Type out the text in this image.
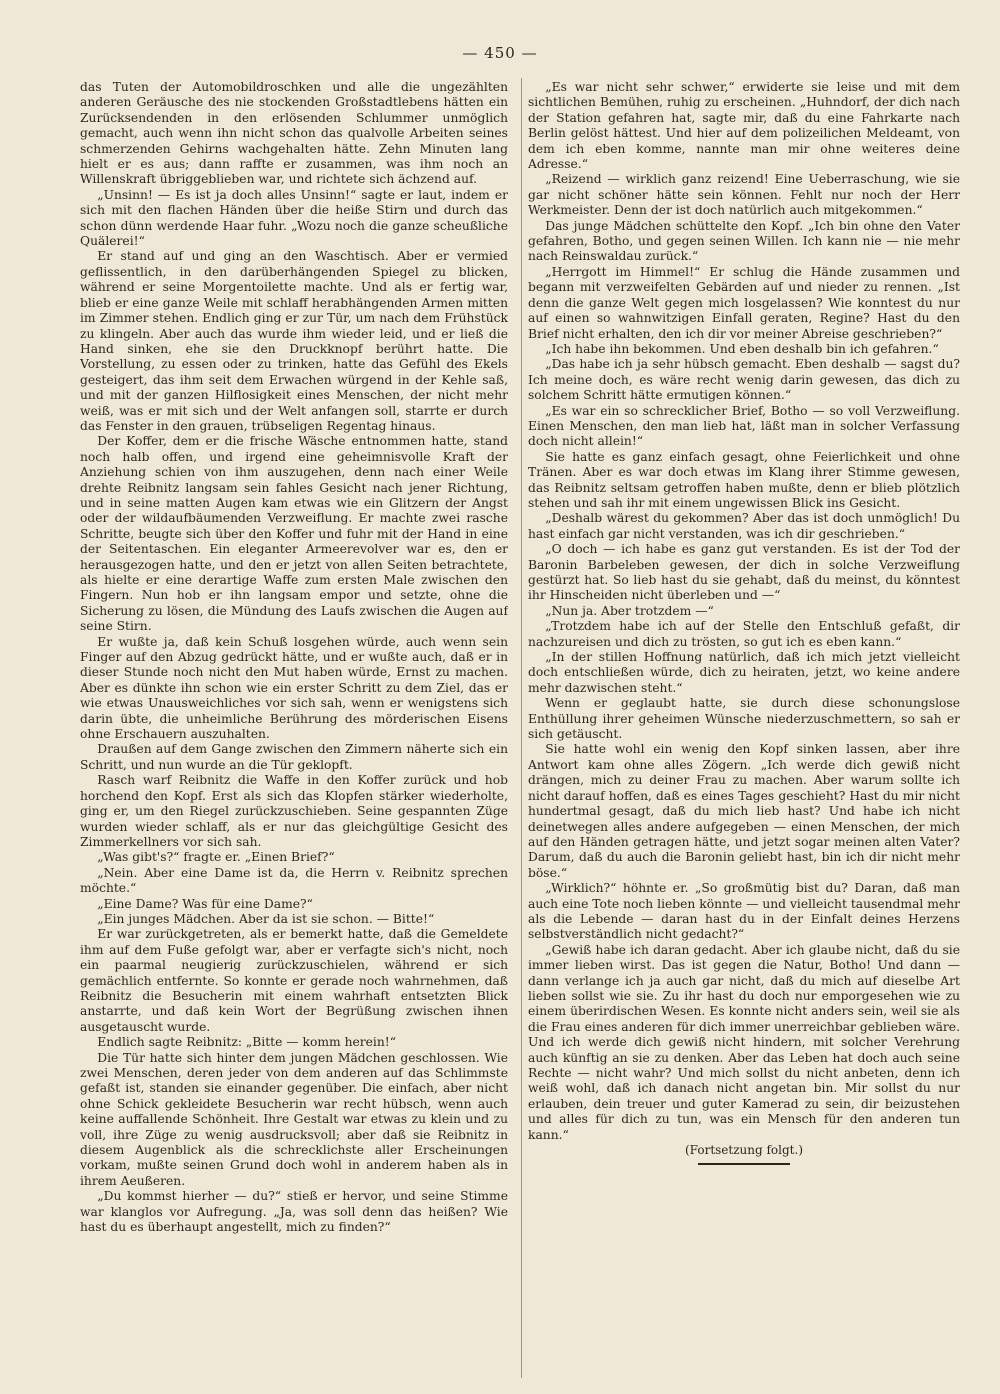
— 450 —

das Tuten der Automobildroschken und alle die ungezählten anderen Geräusche des nie stockenden Großstadtlebens hätten ein Zurücksendenden in den erlösenden Schlummer unmöglich gemacht, auch wenn ihn nicht schon das qualvolle Arbeiten seines schmerzenden Gehirns wachgehalten hätte. Zehn Minuten lang hielt er es aus; dann raffte er zusammen, was ihm noch an Willenskraft übriggeblieben war, und richtete sich ächzend auf.

„Unsinn! — Es ist ja doch alles Unsinn!“ sagte er laut, indem er sich mit den flachen Händen über die heiße Stirn und durch das schon dünn werdende Haar fuhr. „Wozu noch die ganze scheußliche Quälerei!“

Er stand auf und ging an den Waschtisch. Aber er vermied geflissentlich, in den darüberhängenden Spiegel zu blicken, während er seine Morgentoilette machte. Und als er fertig war, blieb er eine ganze Weile mit schlaff herabhängenden Armen mitten im Zimmer stehen. Endlich ging er zur Tür, um nach dem Frühstück zu klingeln. Aber auch das wurde ihm wieder leid, und er ließ die Hand sinken, ehe sie den Druckknopf berührt hatte. Die Vorstellung, zu essen oder zu trinken, hatte das Gefühl des Ekels gesteigert, das ihm seit dem Erwachen würgend in der Kehle saß, und mit der ganzen Hilflosigkeit eines Menschen, der nicht mehr weiß, was er mit sich und der Welt anfangen soll, starrte er durch das Fenster in den grauen, trübseligen Regentag hinaus.

Der Koffer, dem er die frische Wäsche entnommen hatte, stand noch halb offen, und irgend eine geheimnisvolle Kraft der Anziehung schien von ihm auszugehen, denn nach einer Weile drehte Reibnitz langsam sein fahles Gesicht nach jener Richtung, und in seine matten Augen kam etwas wie ein Glitzern der Angst oder der wildaufbäumenden Verzweiflung. Er machte zwei rasche Schritte, beugte sich über den Koffer und fuhr mit der Hand in eine der Seitentaschen. Ein eleganter Armeerevolver war es, den er herausgezogen hatte, und den er jetzt von allen Seiten betrachtete, als hielte er eine derartige Waffe zum ersten Male zwischen den Fingern. Nun hob er ihn langsam empor und setzte, ohne die Sicherung zu lösen, die Mündung des Laufs zwischen die Augen auf seine Stirn.

Er wußte ja, daß kein Schuß losgehen würde, auch wenn sein Finger auf den Abzug gedrückt hätte, und er wußte auch, daß er in dieser Stunde noch nicht den Mut haben würde, Ernst zu machen. Aber es dünkte ihn schon wie ein erster Schritt zu dem Ziel, das er wie etwas Unausweichliches vor sich sah, wenn er wenigstens sich darin übte, die unheimliche Berührung des mörderischen Eisens ohne Erschauern auszuhalten.

Draußen auf dem Gange zwischen den Zimmern näherte sich ein Schritt, und nun wurde an die Tür geklopft.

Rasch warf Reibnitz die Waffe in den Koffer zurück und hob horchend den Kopf. Erst als sich das Klopfen stärker wiederholte, ging er, um den Riegel zurückzuschieben. Seine gespannten Züge wurden wieder schlaff, als er nur das gleichgültige Gesicht des Zimmerkellners vor sich sah.

„Was gibt's?“ fragte er. „Einen Brief?“

„Nein. Aber eine Dame ist da, die Herrn v. Reibnitz sprechen möchte.“

„Eine Dame? Was für eine Dame?“

„Ein junges Mädchen. Aber da ist sie schon. — Bitte!“

Er war zurückgetreten, als er bemerkt hatte, daß die Gemeldete ihm auf dem Fuße gefolgt war, aber er verfagte sich's nicht, noch ein paarmal neugierig zurückzuschielen, während er sich gemächlich entfernte. So konnte er gerade noch wahrnehmen, daß Reibnitz die Besucherin mit einem wahrhaft entsetzten Blick anstarrte, und daß kein Wort der Begrüßung zwischen ihnen ausgetauscht wurde.

Endlich sagte Reibnitz: „Bitte — komm herein!“

Die Tür hatte sich hinter dem jungen Mädchen geschlossen. Wie zwei Menschen, deren jeder von dem anderen auf das Schlimmste gefaßt ist, standen sie einander gegenüber. Die einfach, aber nicht ohne Schick gekleidete Besucherin war recht hübsch, wenn auch keine auffallende Schönheit. Ihre Gestalt war etwas zu klein und zu voll, ihre Züge zu wenig ausdrucksvoll; aber daß sie Reibnitz in diesem Augenblick als die schrecklichste aller Erscheinungen vorkam, mußte seinen Grund doch wohl in anderem haben als in ihrem Aeußeren.

„Du kommst hierher — du?“ stieß er hervor, und seine Stimme war klanglos vor Aufregung. „Ja, was soll denn das heißen? Wie hast du es überhaupt angestellt, mich zu finden?“

„Es war nicht sehr schwer,“ erwiderte sie leise und mit dem sichtlichen Bemühen, ruhig zu erscheinen. „Huhndorf, der dich nach der Station gefahren hat, sagte mir, daß du eine Fahrkarte nach Berlin gelöst hättest. Und hier auf dem polizeilichen Meldeamt, von dem ich eben komme, nannte man mir ohne weiteres deine Adresse.“

„Reizend — wirklich ganz reizend! Eine Ueberraschung, wie sie gar nicht schöner hätte sein können. Fehlt nur noch der Herr Werkmeister. Denn der ist doch natürlich auch mitgekommen.“

Das junge Mädchen schüttelte den Kopf. „Ich bin ohne den Vater gefahren, Botho, und gegen seinen Willen. Ich kann nie — nie mehr nach Reinswaldau zurück.“

„Herrgott im Himmel!“ Er schlug die Hände zusammen und begann mit verzweifelten Gebärden auf und nieder zu rennen. „Ist denn die ganze Welt gegen mich losgelassen? Wie konntest du nur auf einen so wahnwitzigen Einfall geraten, Regine? Hast du den Brief nicht erhalten, den ich dir vor meiner Abreise geschrieben?“

„Ich habe ihn bekommen. Und eben deshalb bin ich gefahren.“

„Das habe ich ja sehr hübsch gemacht. Eben deshalb — sagst du? Ich meine doch, es wäre recht wenig darin gewesen, das dich zu solchem Schritt hätte ermutigen können.“

„Es war ein so schrecklicher Brief, Botho — so voll Verzweiflung. Einen Menschen, den man lieb hat, läßt man in solcher Verfassung doch nicht allein!“

Sie hatte es ganz einfach gesagt, ohne Feierlichkeit und ohne Tränen. Aber es war doch etwas im Klang ihrer Stimme gewesen, das Reibnitz seltsam getroffen haben mußte, denn er blieb plötzlich stehen und sah ihr mit einem ungewissen Blick ins Gesicht.

„Deshalb wärest du gekommen? Aber das ist doch unmöglich! Du hast einfach gar nicht verstanden, was ich dir geschrieben.“

„O doch — ich habe es ganz gut verstanden. Es ist der Tod der Baronin Barbeleben gewesen, der dich in solche Verzweiflung gestürzt hat. So lieb hast du sie gehabt, daß du meinst, du könntest ihr Hinscheiden nicht überleben und —“

„Nun ja. Aber trotzdem —“

„Trotzdem habe ich auf der Stelle den Entschluß gefaßt, dir nachzureisen und dich zu trösten, so gut ich es eben kann.“

„In der stillen Hoffnung natürlich, daß ich mich jetzt vielleicht doch entschließen würde, dich zu heiraten, jetzt, wo keine andere mehr dazwischen steht.“

Wenn er geglaubt hatte, sie durch diese schonungslose Enthüllung ihrer geheimen Wünsche niederzuschmettern, so sah er sich getäuscht.

Sie hatte wohl ein wenig den Kopf sinken lassen, aber ihre Antwort kam ohne alles Zögern. „Ich werde dich gewiß nicht drängen, mich zu deiner Frau zu machen. Aber warum sollte ich nicht darauf hoffen, daß es eines Tages geschieht? Hast du mir nicht hundertmal gesagt, daß du mich lieb hast? Und habe ich nicht deinetwegen alles andere aufgegeben — einen Menschen, der mich auf den Händen getragen hätte, und jetzt sogar meinen alten Vater? Darum, daß du auch die Baronin geliebt hast, bin ich dir nicht mehr böse.“

„Wirklich?“ höhnte er. „So großmütig bist du? Daran, daß man auch eine Tote noch lieben könnte — und vielleicht tausendmal mehr als die Lebende — daran hast du in der Einfalt deines Herzens selbstverständlich nicht gedacht?“

„Gewiß habe ich daran gedacht. Aber ich glaube nicht, daß du sie immer lieben wirst. Das ist gegen die Natur, Botho! Und dann — dann verlange ich ja auch gar nicht, daß du mich auf dieselbe Art lieben sollst wie sie. Zu ihr hast du doch nur emporgesehen wie zu einem überirdischen Wesen. Es konnte nicht anders sein, weil sie als die Frau eines anderen für dich immer unerreichbar geblieben wäre. Und ich werde dich gewiß nicht hindern, mit solcher Verehrung auch künftig an sie zu denken. Aber das Leben hat doch auch seine Rechte — nicht wahr? Und mich sollst du nicht anbeten, denn ich weiß wohl, daß ich danach nicht angetan bin. Mir sollst du nur erlauben, dein treuer und guter Kamerad zu sein, dir beizustehen und alles für dich zu tun, was ein Mensch für den anderen tun kann.“

(Fortsetzung folgt.)
